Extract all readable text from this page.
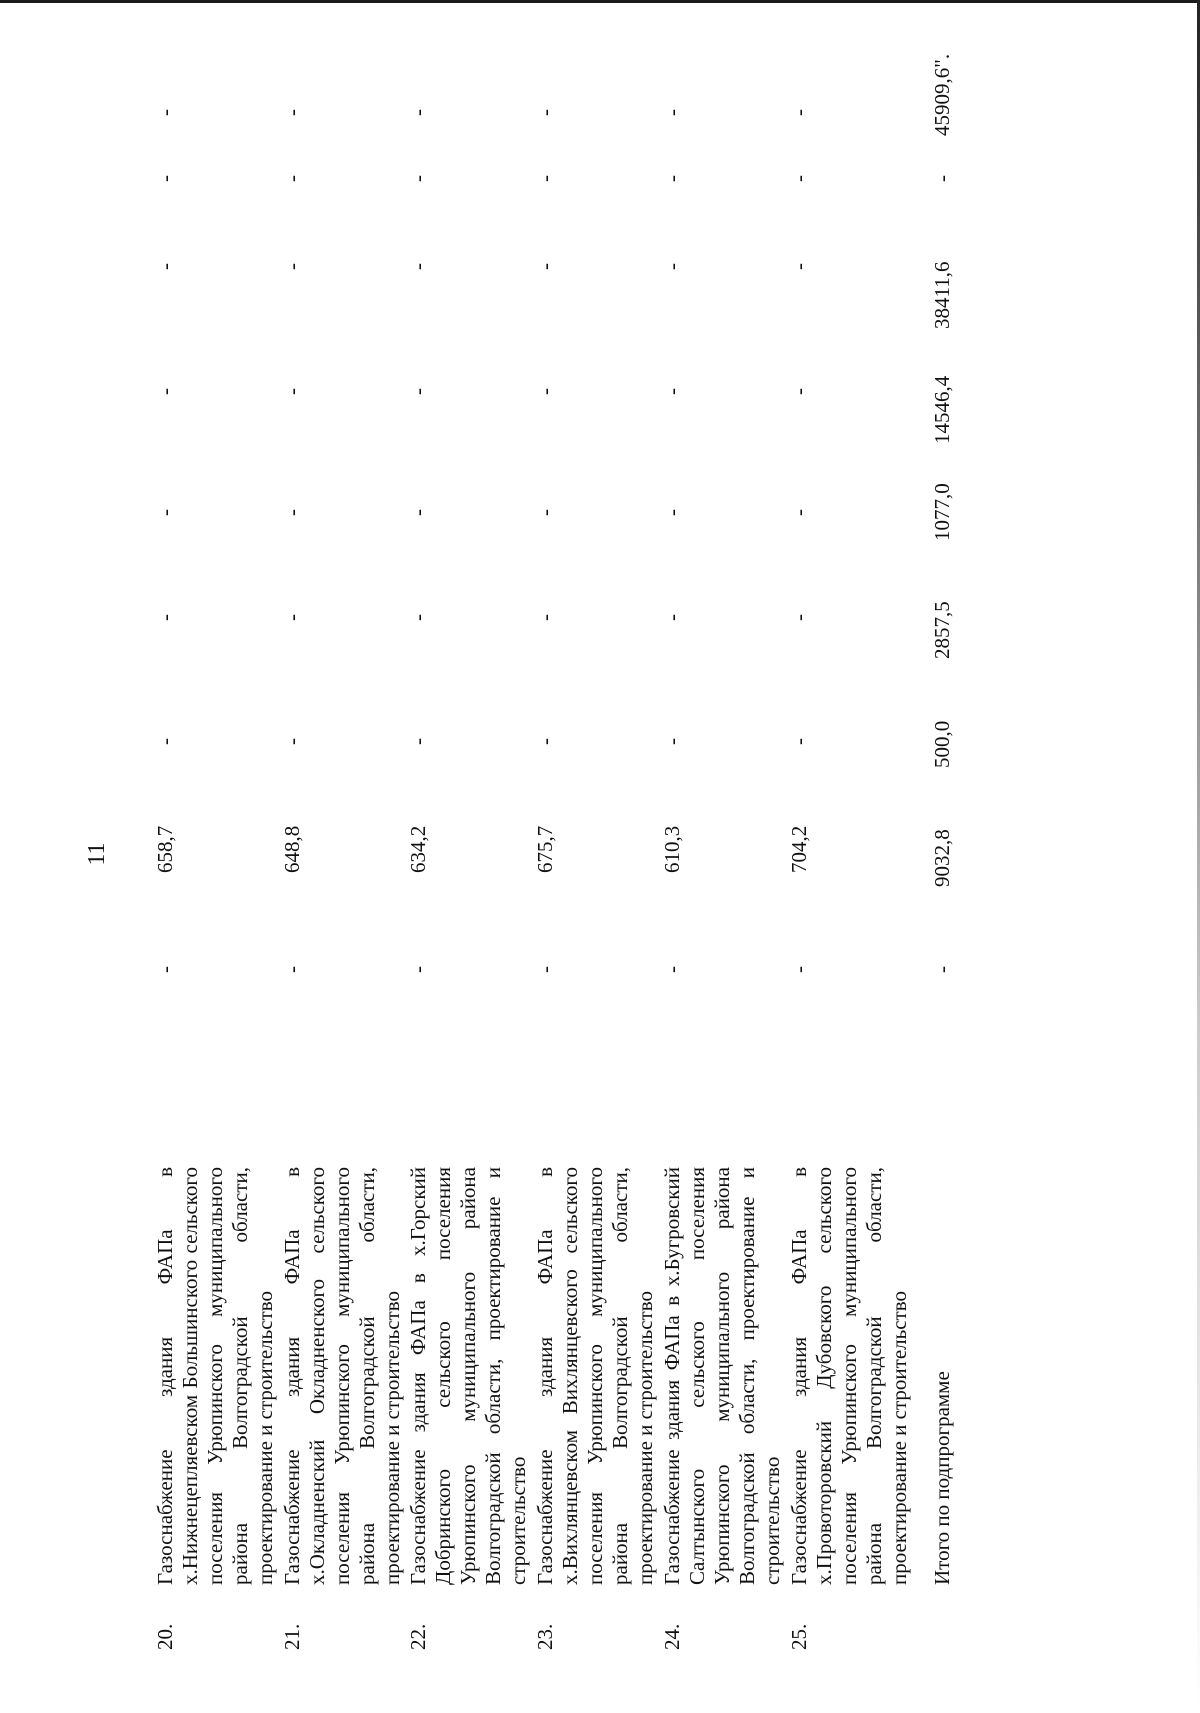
11
20.
Газоснабжение здания ФАПа в х.Нижнецепляевском Большинского сельского поселения Урюпинского муниципального района Волгоградской области, проектирование и строительство
-
658,7
-
-
-
-
-
-
-
21.
Газоснабжение здания ФАПа в х.Окладненский Окладненского сельского поселения Урюпинского муниципального района Волгоградской области, проектирование и строительство
-
648,8
-
-
-
-
-
-
-
22.
Газоснабжение здания ФАПа в х.Горский Добринского сельского поселения Урюпинского муниципального района Волгоградской области, проектирование и строительство
-
634,2
-
-
-
-
-
-
-
23.
Газоснабжение здания ФАПа в х.Вихлянцевском Вихлянцевского сельского поселения Урюпинского муниципального района Волгоградской области, проектирование и строительство
-
675,7
-
-
-
-
-
-
-
24.
Газоснабжение здания ФАПа в х.Бугровский Салтынского сельского поселения Урюпинского муниципального района Волгоградской области, проектирование и строительство
-
610,3
-
-
-
-
-
-
-
25.
Газоснабжение здания ФАПа в х.Провоторовский Дубовского сельского поселения Урюпинского муниципального района Волгоградской области, проектирование и строительство
-
704,2
-
-
-
-
-
-
-
Итого по подпрограмме
-
9032,8
500,0
2857,5
1077,0
14546,4
38411,6
-
45909,6".
